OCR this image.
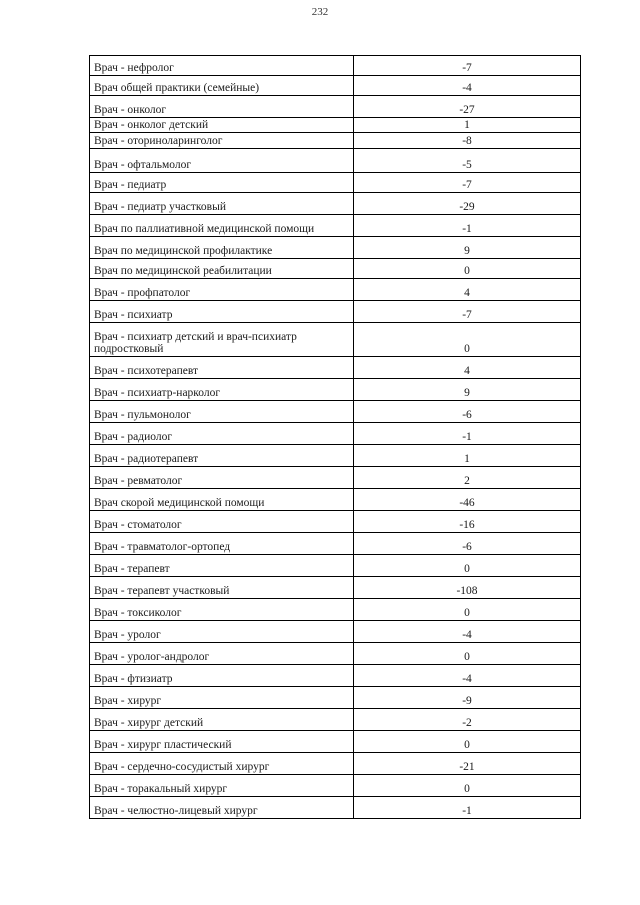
232
Врач - нефролог	-7
Врач общей практики (семейные)	-4
Врач - онколог	-27
Врач - онколог детский	1
Врач - оториноларинголог	-8
Врач - офтальмолог	-5
Врач - педиатр	-7
Врач - педиатр участковый	-29
Врач по паллиативной медицинской помощи	-1
Врач по медицинской профилактике	9
Врач по медицинской реабилитации	0
Врач - профпатолог	4
Врач - психиатр	-7
Врач - психиатр детский и врач-психиатр подростковый	0
Врач - психотерапевт	4
Врач - психиатр-нарколог	9
Врач - пульмонолог	-6
Врач - радиолог	-1
Врач - радиотерапевт	1
Врач - ревматолог	2
Врач скорой медицинской помощи	-46
Врач - стоматолог	-16
Врач - травматолог-ортопед	-6
Врач - терапевт	0
Врач - терапевт участковый	-108
Врач - токсиколог	0
Врач - уролог	-4
Врач - уролог-андролог	0
Врач - фтизиатр	-4
Врач - хирург	-9
Врач - хирург детский	-2
Врач - хирург пластический	0
Врач - сердечно-сосудистый хирург	-21
Врач - торакальный хирург	0
Врач - челюстно-лицевый хирург	-1
